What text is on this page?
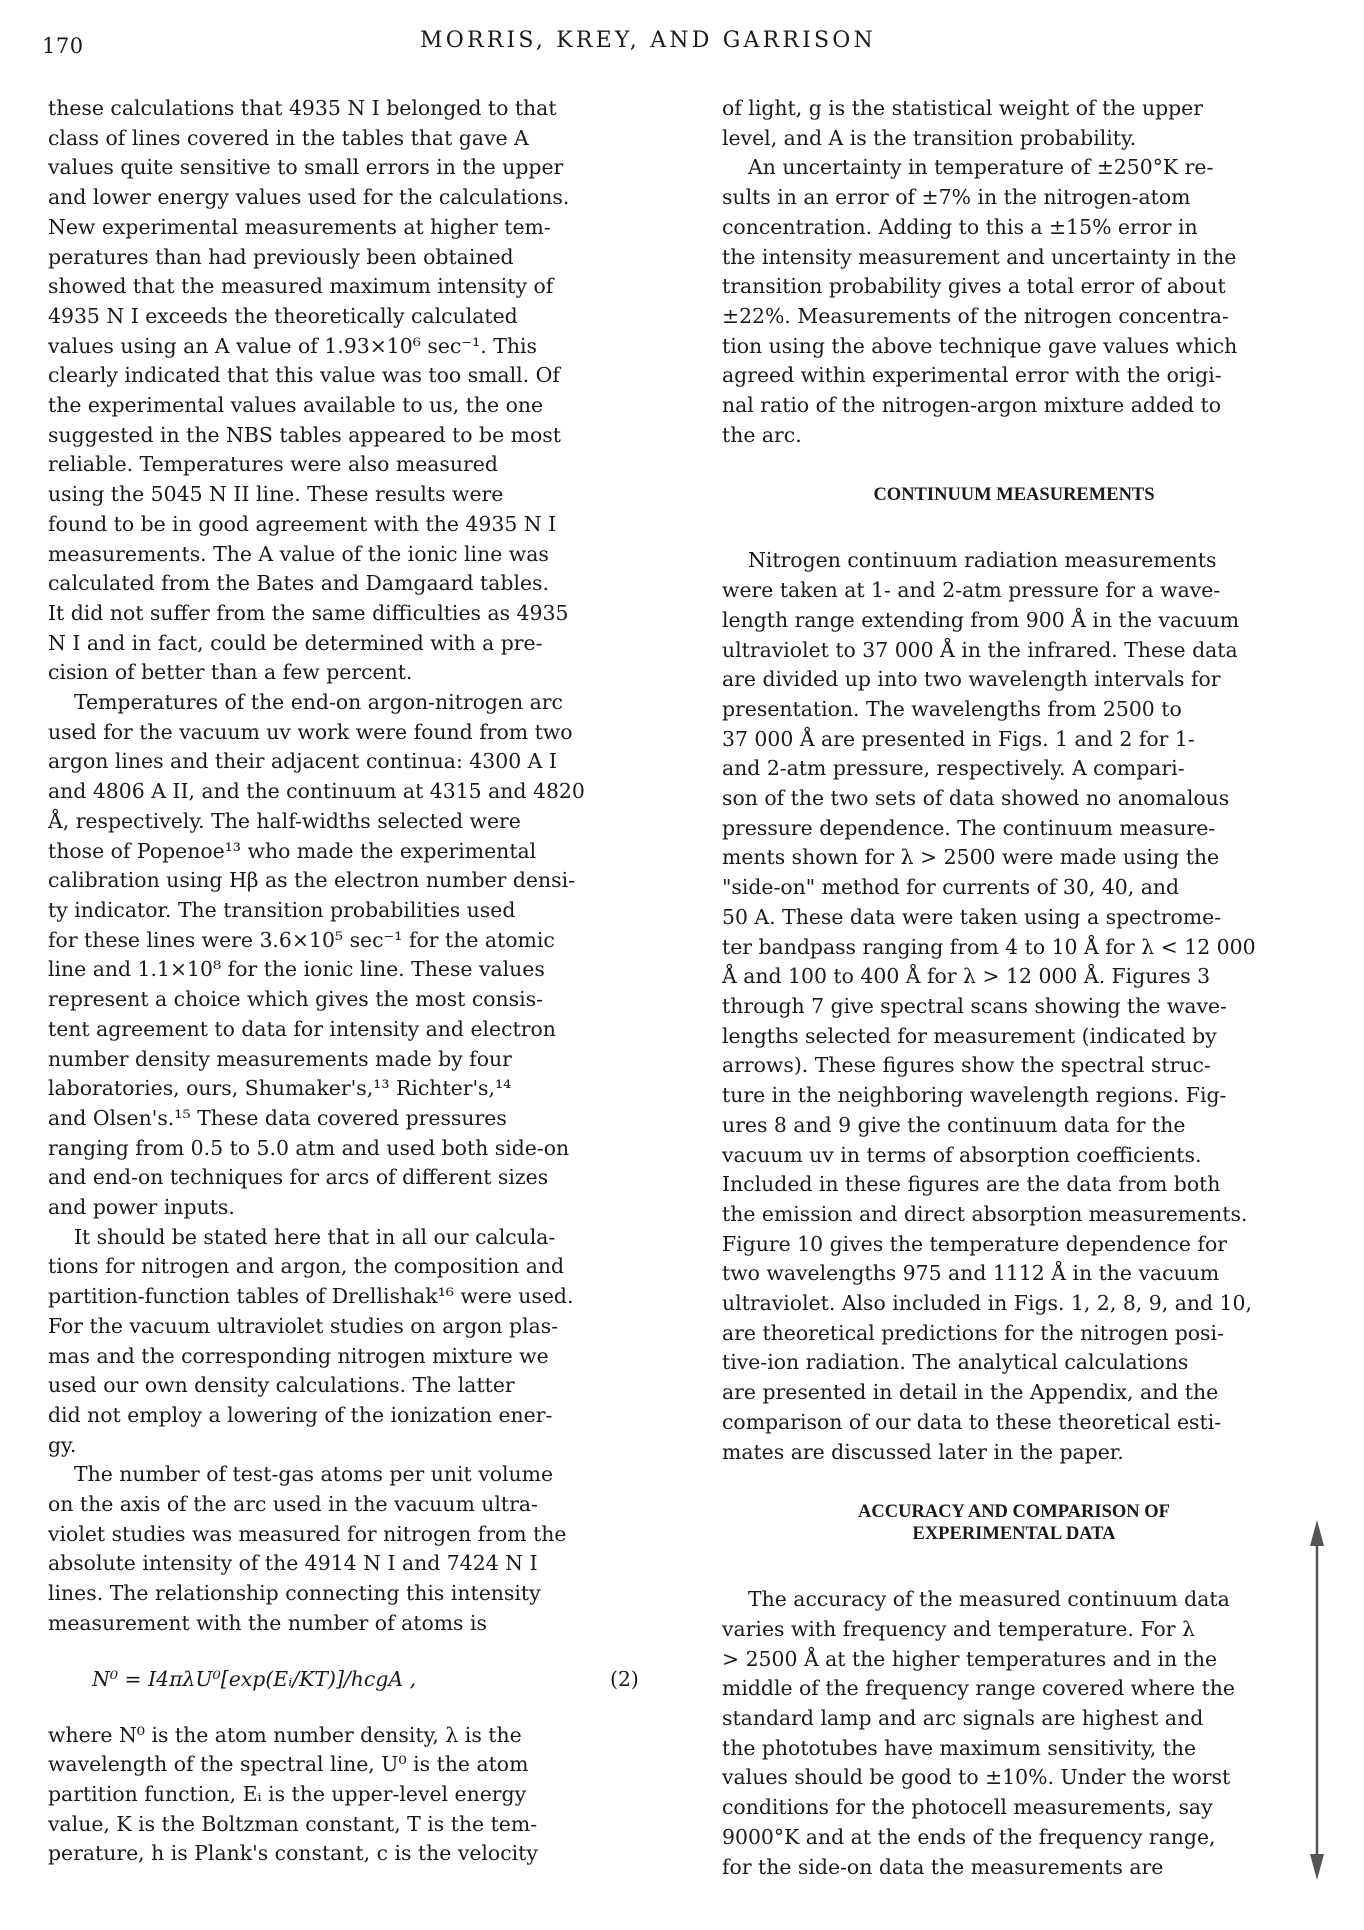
170	MORRIS, KREY, AND GARRISON
these calculations that 4935 N I belonged to that
class of lines covered in the tables that gave A
values quite sensitive to small errors in the upper
and lower energy values used for the calculations.
New experimental measurements at higher tem-
peratures than had previously been obtained
showed that the measured maximum intensity of
4935 N I exceeds the theoretically calculated
values using an A value of 1.93×10⁶ sec⁻¹. This
clearly indicated that this value was too small. Of
the experimental values available to us, the one
suggested in the NBS tables appeared to be most
reliable. Temperatures were also measured
using the 5045 N II line. These results were
found to be in good agreement with the 4935 N I
measurements. The A value of the ionic line was
calculated from the Bates and Damgaard tables.
It did not suffer from the same difficulties as 4935
N I and in fact, could be determined with a pre-
cision of better than a few percent.
Temperatures of the end-on argon-nitrogen arc
used for the vacuum uv work were found from two
argon lines and their adjacent continua: 4300 A I
and 4806 A II, and the continuum at 4315 and 4820
Å, respectively. The half-widths selected were
those of Popenoe¹³ who made the experimental
calibration using Hβ as the electron number densi-
ty indicator. The transition probabilities used
for these lines were 3.6×10⁵ sec⁻¹ for the atomic
line and 1.1×10⁸ for the ionic line. These values
represent a choice which gives the most consis-
tent agreement to data for intensity and electron
number density measurements made by four
laboratories, ours, Shumaker's,¹³ Richter's,¹⁴
and Olsen's.¹⁵ These data covered pressures
ranging from 0.5 to 5.0 atm and used both side-on
and end-on techniques for arcs of different sizes
and power inputs.
It should be stated here that in all our calcula-
tions for nitrogen and argon, the composition and
partition-function tables of Drellishak¹⁶ were used.
For the vacuum ultraviolet studies on argon plas-
mas and the corresponding nitrogen mixture we
used our own density calculations. The latter
did not employ a lowering of the ionization ener-
gy.
The number of test-gas atoms per unit volume
on the axis of the arc used in the vacuum ultra-
violet studies was measured for nitrogen from the
absolute intensity of the 4914 N I and 7424 N I
lines. The relationship connecting this intensity
measurement with the number of atoms is
N⁰ = I4πλU⁰[exp(Eᵢ/KT)]/hcgA ,	(2)
where N⁰ is the atom number density, λ is the
wavelength of the spectral line, U⁰ is the atom
partition function, Eᵢ is the upper-level energy
value, K is the Boltzman constant, T is the tem-
perature, h is Plank's constant, c is the velocity
of light, g is the statistical weight of the upper
level, and A is the transition probability.
An uncertainty in temperature of ±250°K re-
sults in an error of ±7% in the nitrogen-atom
concentration. Adding to this a ±15% error in
the intensity measurement and uncertainty in the
transition probability gives a total error of about
±22%. Measurements of the nitrogen concentra-
tion using the above technique gave values which
agreed within experimental error with the origi-
nal ratio of the nitrogen-argon mixture added to
the arc.
CONTINUUM MEASUREMENTS
Nitrogen continuum radiation measurements
were taken at 1- and 2-atm pressure for a wave-
length range extending from 900 Å in the vacuum
ultraviolet to 37 000 Å in the infrared. These data
are divided up into two wavelength intervals for
presentation. The wavelengths from 2500 to
37 000 Å are presented in Figs. 1 and 2 for 1-
and 2-atm pressure, respectively. A compari-
son of the two sets of data showed no anomalous
pressure dependence. The continuum measure-
ments shown for λ > 2500 were made using the
"side-on" method for currents of 30, 40, and
50 A. These data were taken using a spectrome-
ter bandpass ranging from 4 to 10 Å for λ < 12 000
Å and 100 to 400 Å for λ > 12 000 Å. Figures 3
through 7 give spectral scans showing the wave-
lengths selected for measurement (indicated by
arrows). These figures show the spectral struc-
ture in the neighboring wavelength regions. Fig-
ures 8 and 9 give the continuum data for the
vacuum uv in terms of absorption coefficients.
Included in these figures are the data from both
the emission and direct absorption measurements.
Figure 10 gives the temperature dependence for
two wavelengths 975 and 1112 Å in the vacuum
ultraviolet. Also included in Figs. 1, 2, 8, 9, and 10,
are theoretical predictions for the nitrogen posi-
tive-ion radiation. The analytical calculations
are presented in detail in the Appendix, and the
comparison of our data to these theoretical esti-
mates are discussed later in the paper.
ACCURACY AND COMPARISON OF
EXPERIMENTAL DATA
The accuracy of the measured continuum data
varies with frequency and temperature. For λ
> 2500 Å at the higher temperatures and in the
middle of the frequency range covered where the
standard lamp and arc signals are highest and
the phototubes have maximum sensitivity, the
values should be good to ±10%. Under the worst
conditions for the photocell measurements, say
9000°K and at the ends of the frequency range,
for the side-on data the measurements are
